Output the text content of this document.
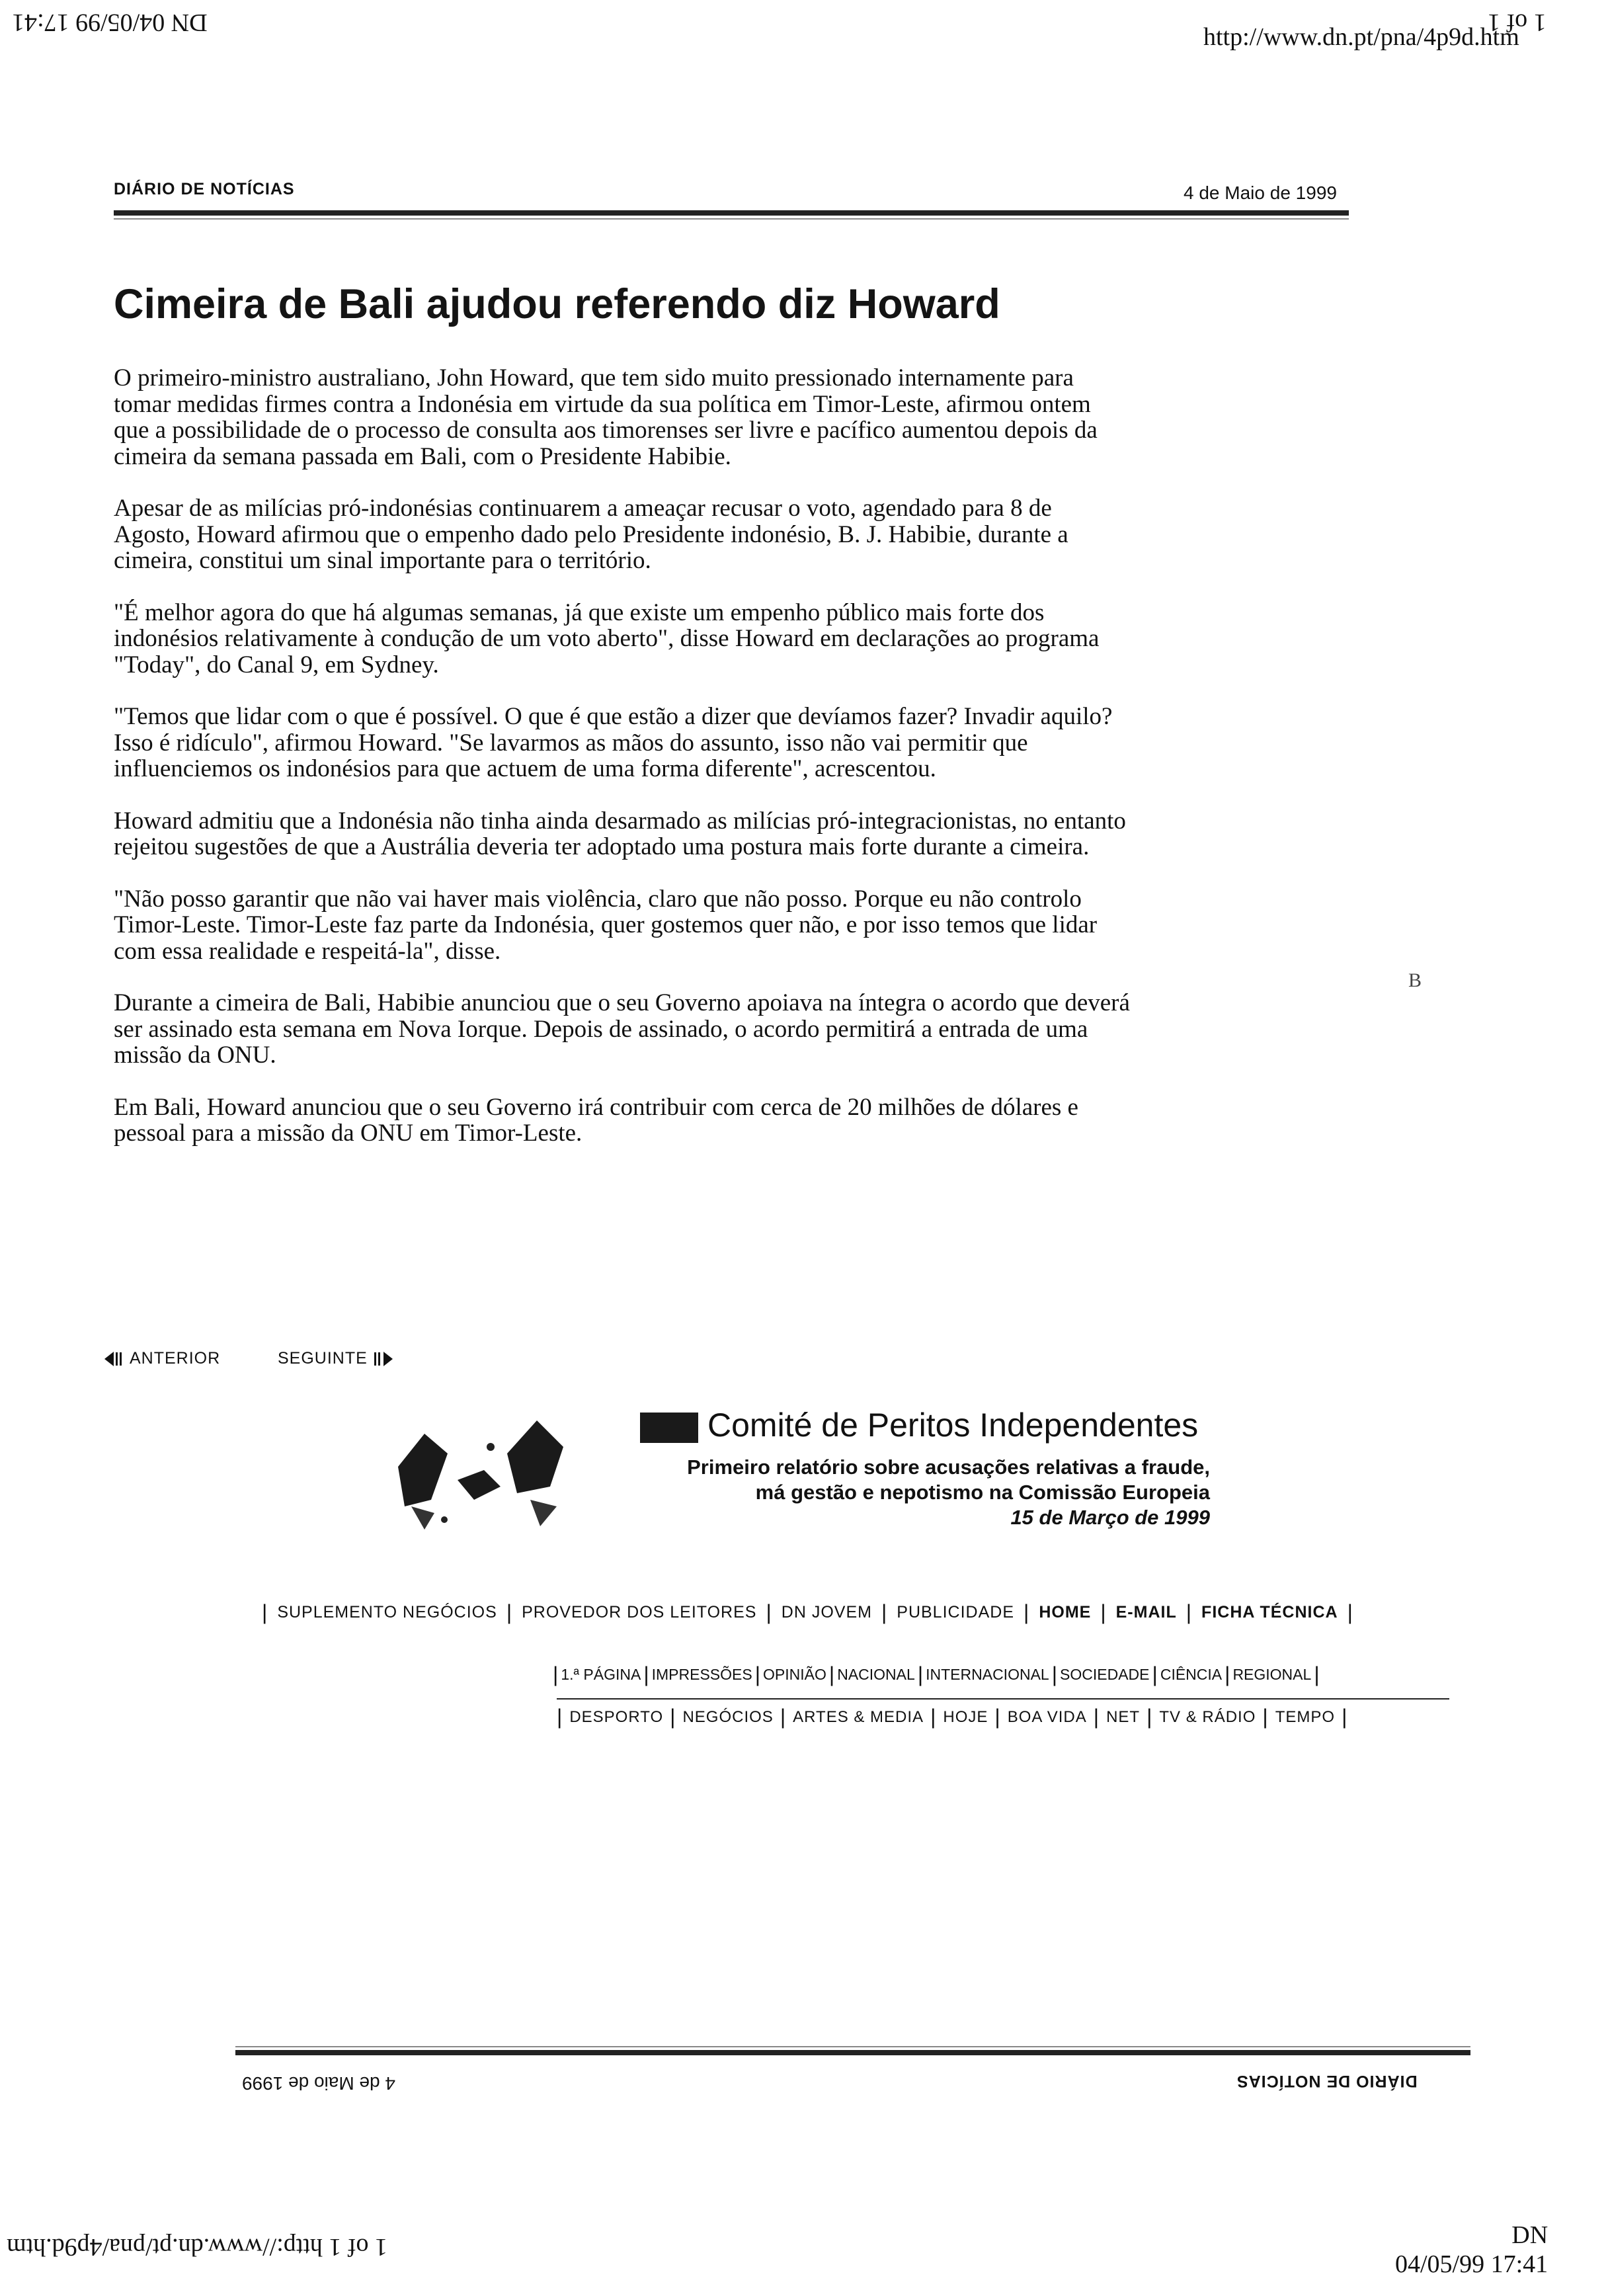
DN 04/05/99 17:41	1 of 1
http://www.dn.pt/pna/4p9d.htm
DIÁRIO DE NOTÍCIAS	4 de Maio de 1999
Cimeira de Bali ajudou referendo diz Howard

O primeiro-ministro australiano, John Howard, que tem sido muito pressionado internamente para tomar medidas firmes contra a Indonésia em virtude da sua política em Timor-Leste, afirmou ontem que a possibilidade de o processo de consulta aos timorenses ser livre e pacífico aumentou depois da cimeira da semana passada em Bali, com o Presidente Habibie.

Apesar de as milícias pró-indonésias continuarem a ameaçar recusar o voto, agendado para 8 de Agosto, Howard afirmou que o empenho dado pelo Presidente indonésio, B. J. Habibie, durante a cimeira, constitui um sinal importante para o território.

"É melhor agora do que há algumas semanas, já que existe um empenho público mais forte dos indonésios relativamente à condução de um voto aberto", disse Howard em declarações ao programa "Today", do Canal 9, em Sydney.

"Temos que lidar com o que é possível. O que é que estão a dizer que devíamos fazer? Invadir aquilo? Isso é ridículo", afirmou Howard. "Se lavarmos as mãos do assunto, isso não vai permitir que influenciemos os indonésios para que actuem de uma forma diferente", acrescentou.

Howard admitiu que a Indonésia não tinha ainda desarmado as milícias pró-integracionistas, no entanto rejeitou sugestões de que a Austrália deveria ter adoptado uma postura mais forte durante a cimeira.

"Não posso garantir que não vai haver mais violência, claro que não posso. Porque eu não controlo Timor-Leste. Timor-Leste faz parte da Indonésia, quer gostemos quer não, e por isso temos que lidar com essa realidade e respeitá-la", disse.

Durante a cimeira de Bali, Habibie anunciou que o seu Governo apoiava na íntegra o acordo que deverá ser assinado esta semana em Nova Iorque. Depois de assinado, o acordo permitirá a entrada de uma missão da ONU.

Em Bali, Howard anunciou que o seu Governo irá contribuir com cerca de 20 milhões de dólares e pessoal para a missão da ONU em Timor-Leste.

B
ANTERIOR	SEGUINTE
Comité de Peritos Independentes
Primeiro relatório sobre acusações relativas a fraude,
má gestão e nepotismo na Comissão Europeia
15 de Março de 1999
| SUPLEMENTO NEGÓCIOS | PROVEDOR DOS LEITORES | DN JOVEM | PUBLICIDADE | HOME | E-MAIL | FICHA TÉCNICA |
| 1.ª PÁGINA | IMPRESSÕES | OPINIÃO | NACIONAL | INTERNACIONAL | SOCIEDADE | CIÊNCIA | REGIONAL |
| DESPORTO | NEGÓCIOS | ARTES & MEDIA | HOJE | BOA VIDA | NET | TV & RÁDIO | TEMPO |
4 de Maio de 1999	DIÁRIO DE NOTÍCIAS
1 of 1 http://www.dn.pt/pna/4p9d.htm	DN
04/05/99 17:41
